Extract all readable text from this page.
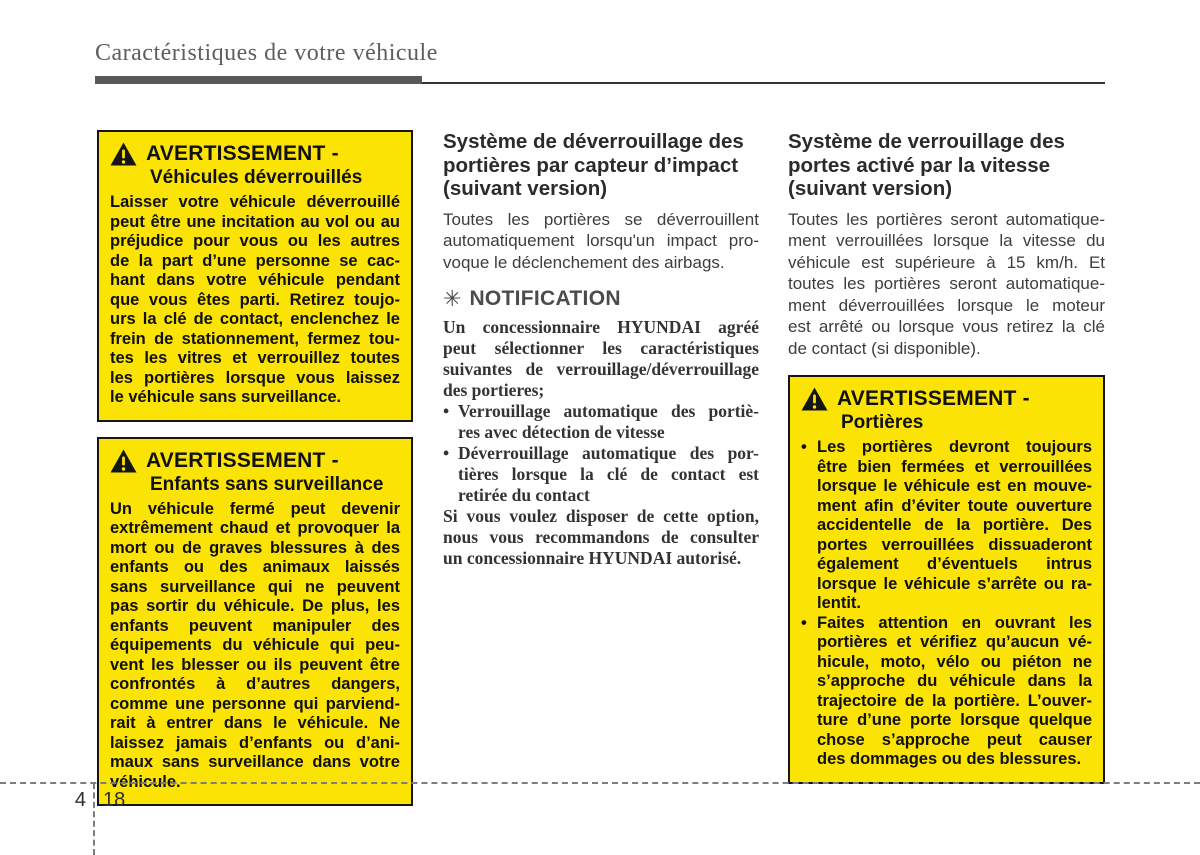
Caractéristiques de votre véhicule
AVERTISSEMENT -
Véhicules déverrouillés
Laisser votre véhicule déverrouillé
peut être une incitation au vol ou au
préjudice pour vous ou les autres
de la part d’une personne se cac-
hant dans votre véhicule pendant
que vous êtes parti. Retirez toujo-
urs la clé de contact, enclenchez le
frein de stationnement, fermez tou-
tes les vitres et verrouillez toutes
les portières lorsque vous laissez
le véhicule sans surveillance.
AVERTISSEMENT -
Enfants sans surveillance
Un véhicule fermé peut devenir
extrêmement chaud et provoquer la
mort ou de graves blessures à des
enfants ou des animaux laissés
sans surveillance qui ne peuvent
pas sortir du véhicule. De plus, les
enfants peuvent manipuler des
équipements du véhicule qui peu-
vent les blesser ou ils peuvent être
confrontés à d’autres dangers,
comme une personne qui parviend-
rait à entrer dans le véhicule. Ne
laissez jamais d’enfants ou d’ani-
maux sans surveillance dans votre
véhicule.
Système de déverrouillage des
portières par capteur d’impact
(suivant version)
Toutes les portières se déverrouillent
automatiquement lorsqu'un impact pro-
voque le déclenchement des airbags.
✳ NOTIFICATION
Un concessionnaire HYUNDAI agréé
peut sélectionner les caractéristiques
suivantes de verrouillage/déverrouillage
des portieres;
• Verrouillage automatique des portiè-
res avec détection de vitesse
• Déverrouillage automatique des por-
tières lorsque la clé de contact est
retirée du contact
Si vous voulez disposer de cette option,
nous vous recommandons de consulter
un concessionnaire HYUNDAI autorisé.
Système de verrouillage des
portes activé par la vitesse
(suivant version)
Toutes les portières seront automatique-
ment verrouillées lorsque la vitesse du
véhicule est supérieure à 15 km/h. Et
toutes les portières seront automatique-
ment déverrouillées lorsque le moteur
est arrêté ou lorsque vous retirez la clé
de contact (si disponible).
AVERTISSEMENT -
Portières
• Les portières devront toujours
être bien fermées et verrouillées
lorsque le véhicule est en mouve-
ment afin d’éviter toute ouverture
accidentelle de la portière. Des
portes verrouillées dissuaderont
également d’éventuels intrus
lorsque le véhicule s’arrête ou ra-
lentit.
• Faites attention en ouvrant les
portières et vérifiez qu’aucun vé-
hicule, moto, vélo ou piéton ne
s’approche du véhicule dans la
trajectoire de la portière. L’ouver-
ture d’une porte lorsque quelque
chose s’approche peut causer
des dommages ou des blessures.
4 18
